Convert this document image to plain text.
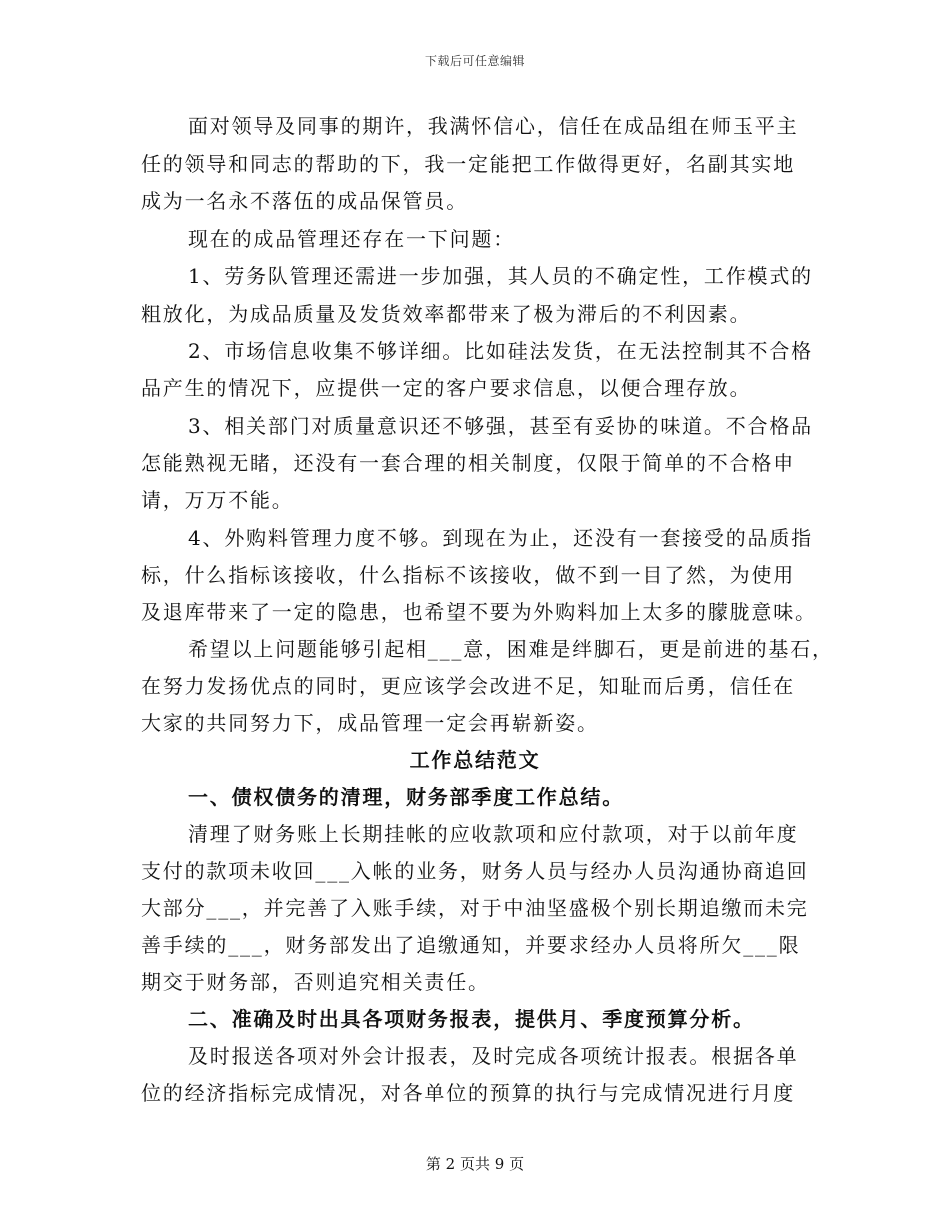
下载后可任意编辑
面对领导及同事的期许，我满怀信心，信任在成品组在师玉平主
任的领导和同志的帮助的下，我一定能把工作做得更好，名副其实地
成为一名永不落伍的成品保管员。
现在的成品管理还存在一下问题：
1、劳务队管理还需进一步加强，其人员的不确定性，工作模式的
粗放化，为成品质量及发货效率都带来了极为滞后的不利因素。
2、市场信息收集不够详细。比如硅法发货，在无法控制其不合格
品产生的情况下，应提供一定的客户要求信息，以便合理存放。
3、相关部门对质量意识还不够强，甚至有妥协的味道。不合格品
怎能熟视无睹，还没有一套合理的相关制度，仅限于简单的不合格申
请，万万不能。
4、外购料管理力度不够。到现在为止，还没有一套接受的品质指
标，什么指标该接收，什么指标不该接收，做不到一目了然，为使用
及退库带来了一定的隐患，也希望不要为外购料加上太多的朦胧意味。
希望以上问题能够引起相___意，困难是绊脚石，更是前进的基石，
在努力发扬优点的同时，更应该学会改进不足，知耻而后勇，信任在
大家的共同努力下，成品管理一定会再崭新姿。
工作总结范文
一、债权债务的清理，财务部季度工作总结。
清理了财务账上长期挂帐的应收款项和应付款项，对于以前年度
支付的款项未收回___入帐的业务，财务人员与经办人员沟通协商追回
大部分___，并完善了入账手续，对于中油坚盛极个别长期追缴而未完
善手续的___，财务部发出了追缴通知，并要求经办人员将所欠___限
期交于财务部，否则追究相关责任。
二、准确及时出具各项财务报表，提供月、季度预算分析。
及时报送各项对外会计报表，及时完成各项统计报表。根据各单
位的经济指标完成情况，对各单位的预算的执行与完成情况进行月度
第 2 页共 9 页
